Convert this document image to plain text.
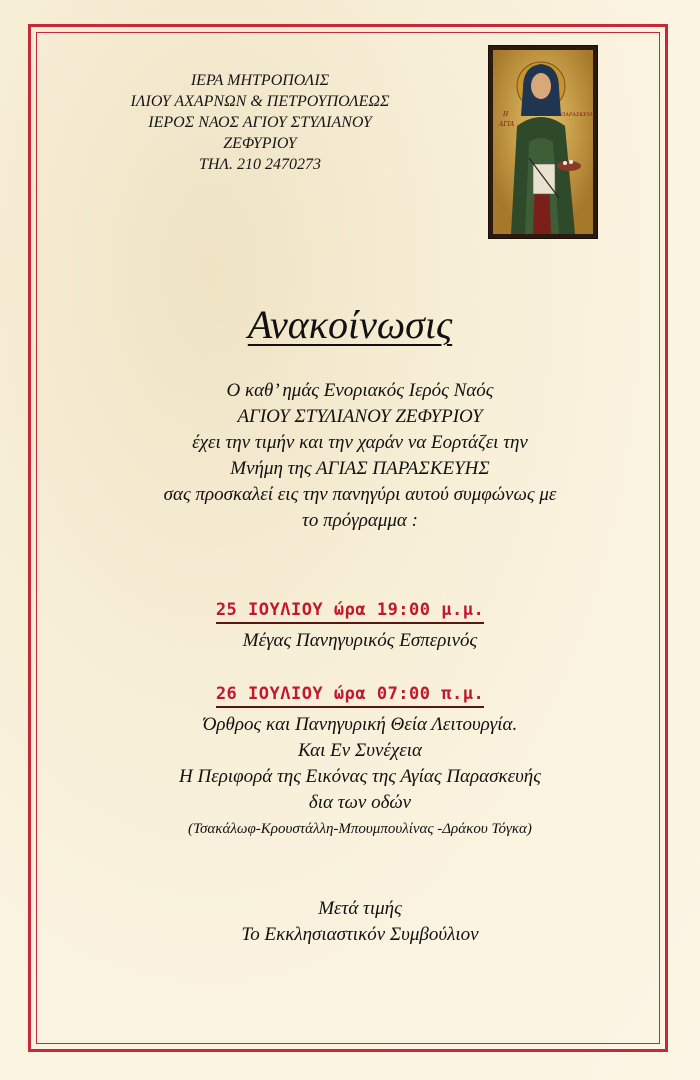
ΙΕΡΑ ΜΗΤΡΟΠΟΛΙΣ
ΙΛΙΟΥ ΑΧΑΡΝΩΝ & ΠΕΤΡΟΥΠΟΛΕΩΣ
ΙΕΡΟΣ ΝΑΟΣ ΑΓΙΟΥ ΣΤΥΛΙΑΝΟΥ
ΖΕΦΥΡΙΟΥ
ΤΗΛ. 210 2470273
Η
ΑΓΙΑ
ΠΑΡΑΣΚΕΥΗ
Ανακοίνωσις
Ο καθ’ ημάς Ενοριακός Ιερός Ναός
ΑΓΙΟΥ ΣΤΥΛΙΑΝΟΥ ΖΕΦΥΡΙΟΥ
έχει την τιμήν και την χαράν να Εορτάζει την
Μνήμη της ΑΓΙΑΣ ΠΑΡΑΣΚΕΥΗΣ
σας προσκαλεί εις την πανηγύρι αυτού συμφώνως με
το πρόγραμμα :
25 ΙΟΥΛΙΟΥ ώρα 19:00 μ.μ.
Μέγας Πανηγυρικός Εσπερινός
26 ΙΟΥΛΙΟΥ ώρα 07:00 π.μ.
Όρθρος και Πανηγυρική Θεία Λειτουργία.
Και Εν Συνέχεια
Η Περιφορά της Εικόνας της Αγίας Παρασκευής
δια των οδών
(Τσακάλωφ-Κρουστάλλη-Μπουμπουλίνας -Δράκου Τόγκα)
Μετά τιμής
Το Εκκλησιαστικόν Συμβούλιον
